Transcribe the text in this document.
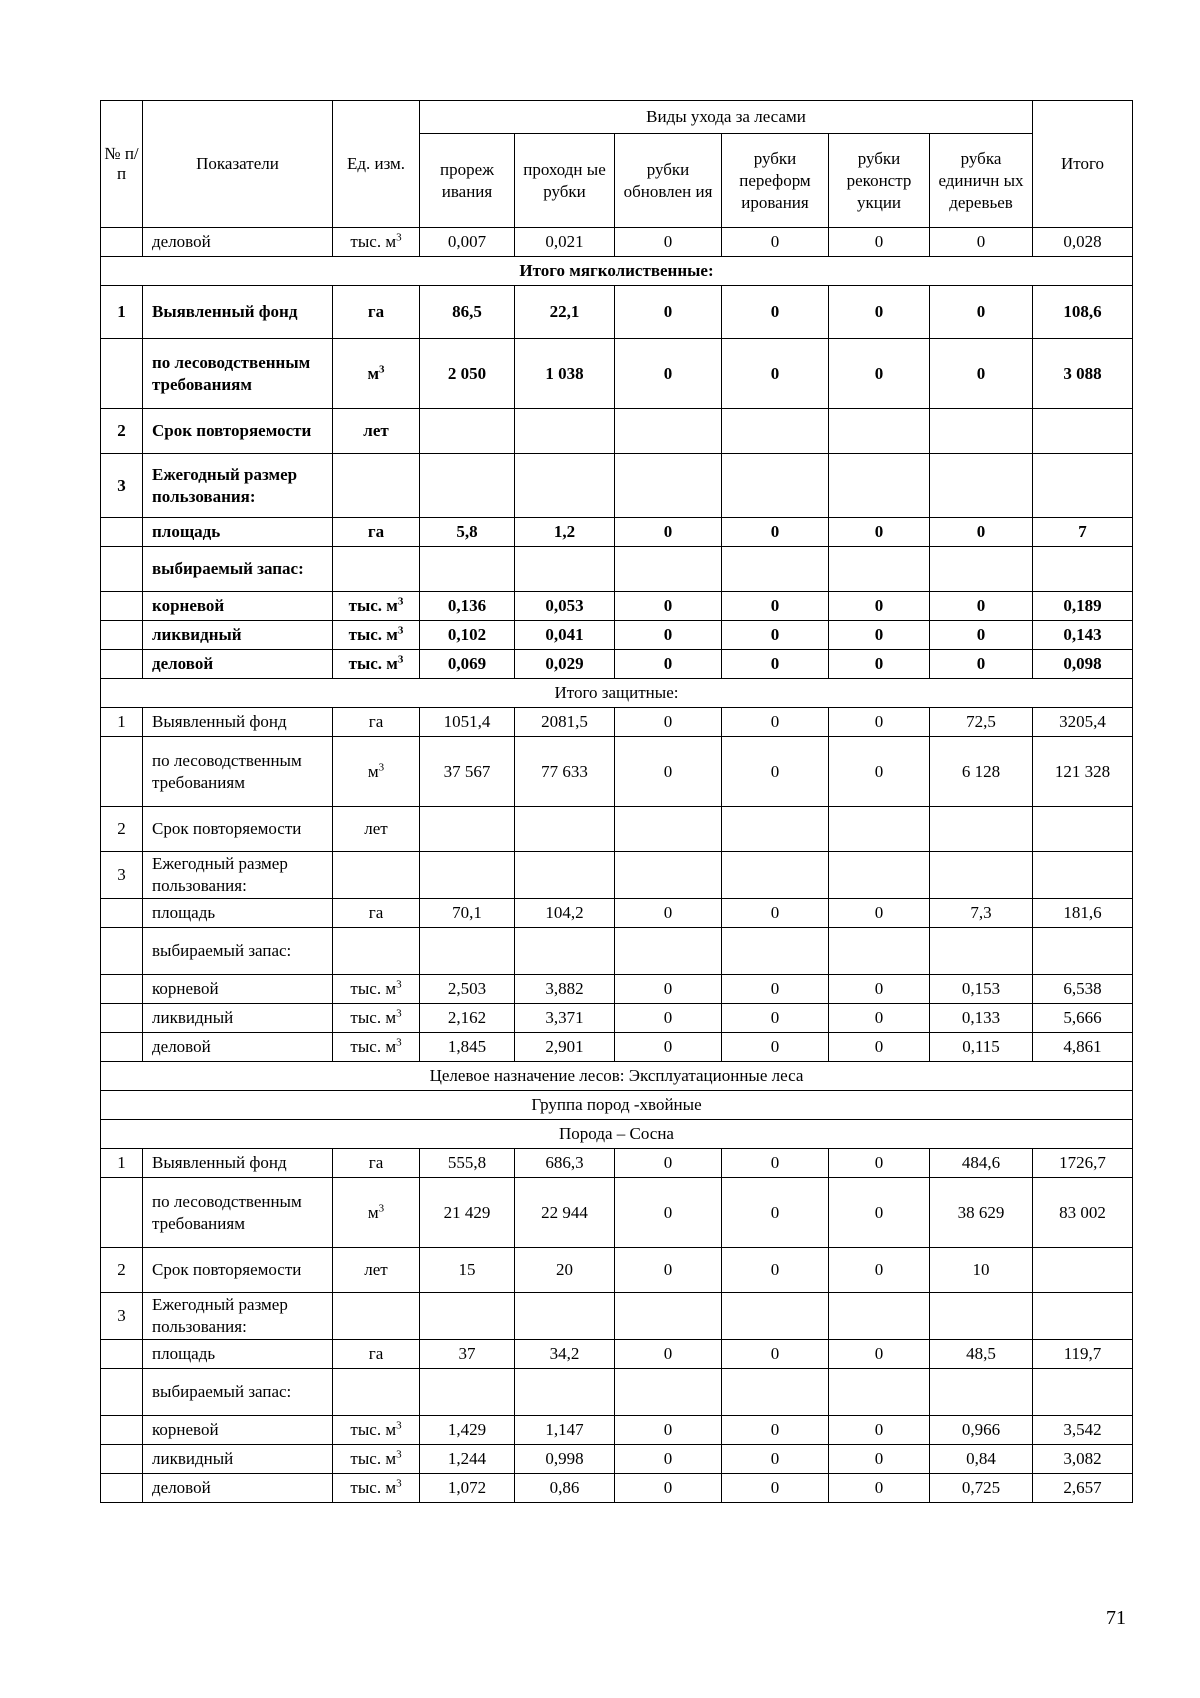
№ п/п	Показатели	Ед. изм.	Виды ухода за лесами						Итого
			прореж ивания	проходн ые рубки	рубки обновлен ия	рубки переформ ирования	рубки реконстр укции	рубка единичн ых деревьев	
	деловой	тыс. $м^3$	0,007	0,021	0	0	0	0	0,028
Итого мягколиственные:									
1	Выявленный фонд	га	86,5	22,1	0	0	0	0	108,6
	по лесоводственным требованиям	$м^3$	2 050	1 038	0	0	0	0	3 088
2	Срок повторяемости	лет							
3	Ежегодный размер пользования:								
	площадь	га	5,8	1,2	0	0	0	0	7
	выбираемый запас:								
	корневой	тыс. $м^3$	0,136	0,053	0	0	0	0	0,189
	ликвидный	тыс. $м^3$	0,102	0,041	0	0	0	0	0,143
	деловой	тыс. $м^3$	0,069	0,029	0	0	0	0	0,098
Итого защитные:									
1	Выявленный фонд	га	1051,4	2081,5	0	0	0	72,5	3205,4
	по лесоводственным требованиям	$м^3$	37 567	77 633	0	0	0	6 128	121 328
2	Срок повторяемости	лет							
3	Ежегодный размер пользования:								
	площадь	га	70,1	104,2	0	0	0	7,3	181,6
	выбираемый запас:								
	корневой	тыс. $м^3$	2,503	3,882	0	0	0	0,153	6,538
	ликвидный	тыс. $м^3$	2,162	3,371	0	0	0	0,133	5,666
	деловой	тыс. $м^3$	1,845	2,901	0	0	0	0,115	4,861
Целевое назначение лесов: Эксплуатационные леса									
Группа пород -хвойные									
Порода – Сосна									
1	Выявленный фонд	га	555,8	686,3	0	0	0	484,6	1726,7
	по лесоводственным требованиям	$м^3$	21 429	22 944	0	0	0	38 629	83 002
2	Срок повторяемости	лет	15	20	0	0	0	10	
3	Ежегодный размер пользования:								
	площадь	га	37	34,2	0	0	0	48,5	119,7
	выбираемый запас:								
	корневой	тыс. $м^3$	1,429	1,147	0	0	0	0,966	3,542
	ликвидный	тыс. $м^3$	1,244	0,998	0	0	0	0,84	3,082
	деловой	тыс. $м^3$	1,072	0,86	0	0	0	0,725	2,657
71
